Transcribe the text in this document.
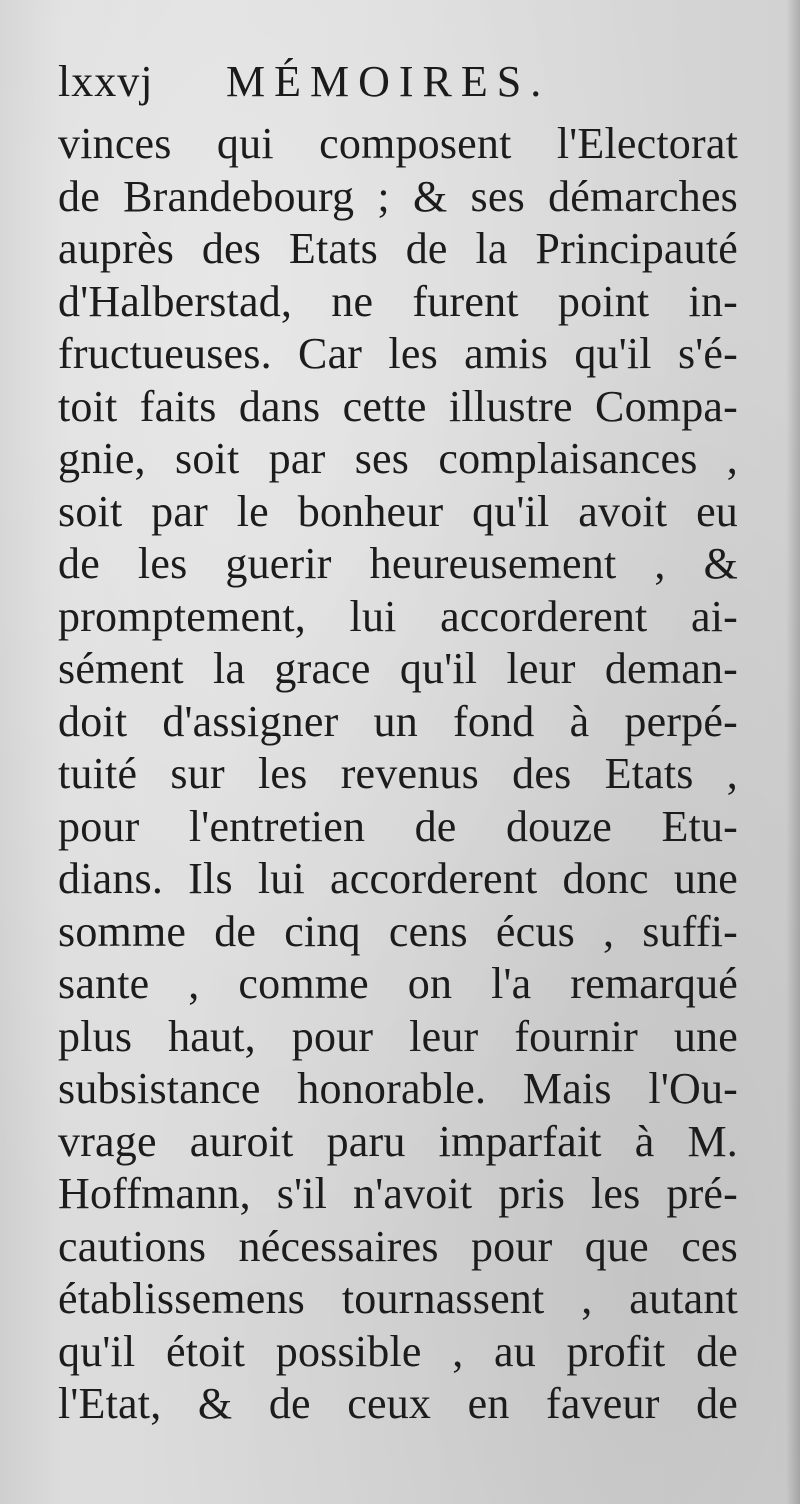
lxxvj MÉMOIRES.
vinces qui composent l'Electorat
de Brandebourg ; & ses démarches
auprès des Etats de la Principauté
d'Halberstad, ne furent point in-
fructueuses. Car les amis qu'il s'é-
toit faits dans cette illustre Compa-
gnie, soit par ses complaisances ,
soit par le bonheur qu'il avoit eu
de les guerir heureusement , &
promptement, lui accorderent ai-
sément la grace qu'il leur deman-
doit d'assigner un fond à perpé-
tuité sur les revenus des Etats ,
pour l'entretien de douze Etu-
dians. Ils lui accorderent donc une
somme de cinq cens écus , suffi-
sante , comme on l'a remarqué
plus haut, pour leur fournir une
subsistance honorable. Mais l'Ou-
vrage auroit paru imparfait à M.
Hoffmann, s'il n'avoit pris les pré-
cautions nécessaires pour que ces
établissemens tournassent , autant
qu'il étoit possible , au profit de
l'Etat, & de ceux en faveur de
